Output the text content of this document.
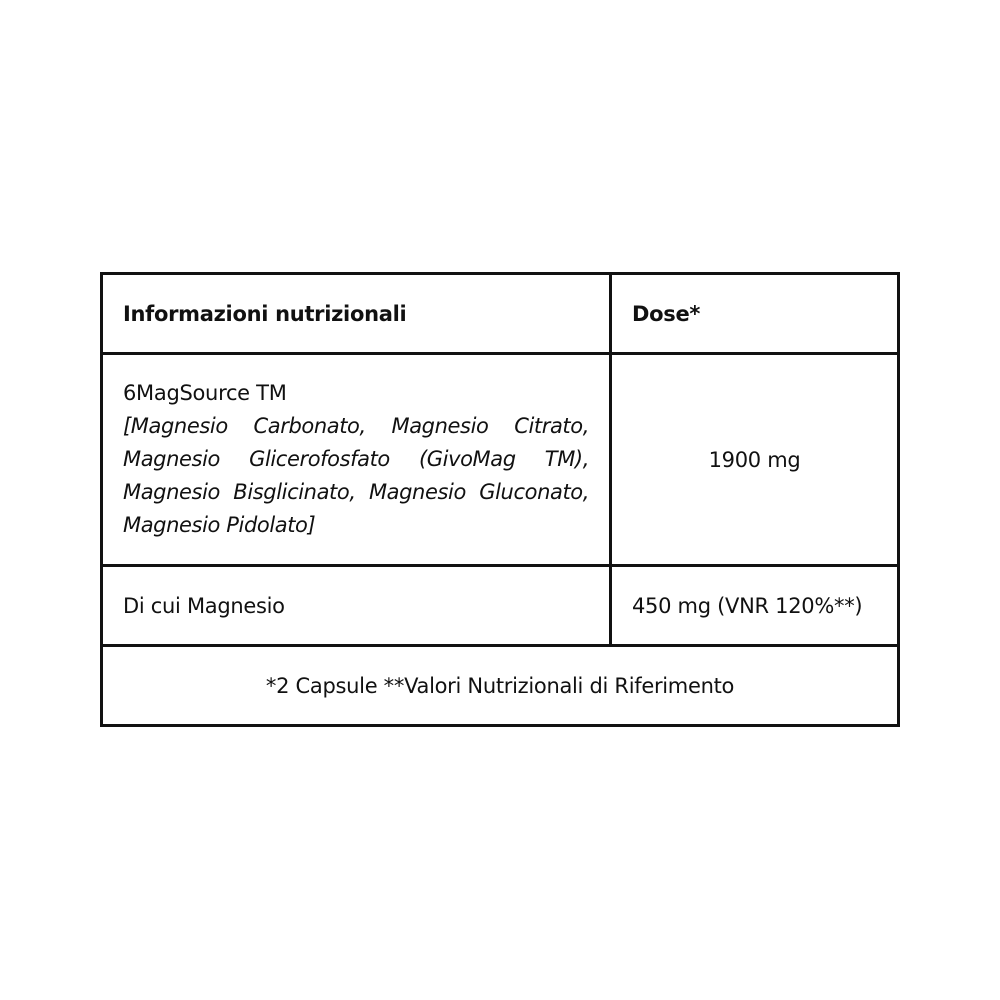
Informazioni nutrizionali	Dose*
6MagSource TM
[Magnesio Carbonato, Magnesio Citrato, Magnesio Glicerofosfato (GivoMag TM), Magnesio Bisglicinato, Magnesio Gluconato, Magnesio Pidolato]
1900 mg
Di cui Magnesio	450 mg (VNR 120%**)
*2 Capsule **Valori Nutrizionali di Riferimento
